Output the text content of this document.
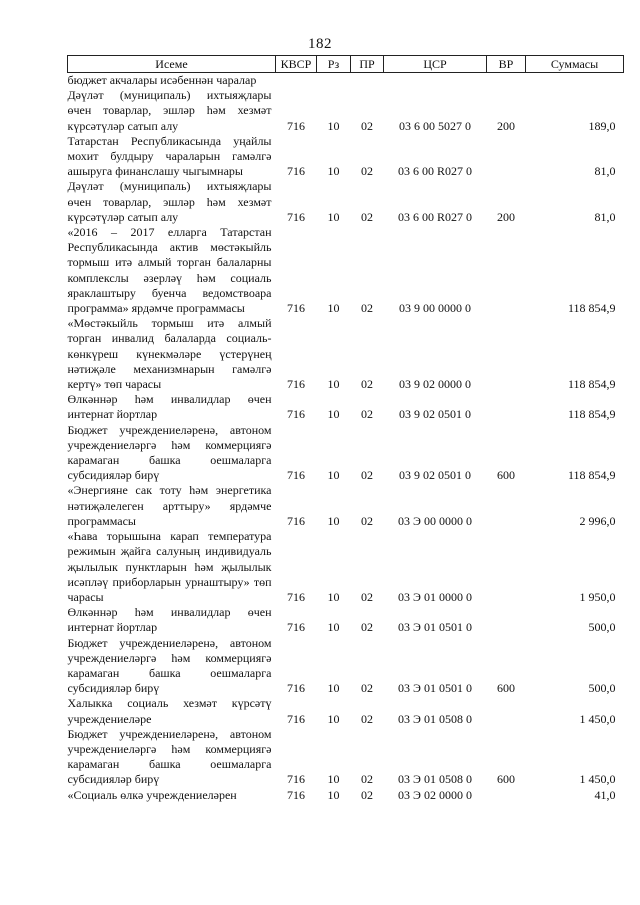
182
Исеме	КВСР	Рз	ПР	ЦСР	ВР	Суммасы
бюджет акчалары исәбеннән чаралар						
Дәүләт (муниципаль) ихтыяҗлары өчен товарлар, эшләр һәм хезмәт күрсәтүләр сатып алу	716	10	02	03 6 00 5027 0	200	189,0
Татарстан Республикасында уңайлы мохит булдыру чараларын гамәлгә ашыруга финанслашу чыгымнары	716	10	02	03 6 00 R027 0		81,0
Дәүләт (муниципаль) ихтыяҗлары өчен товарлар, эшләр һәм хезмәт күрсәтүләр сатып алу	716	10	02	03 6 00 R027 0	200	81,0
«2016 – 2017 елларга Татарстан Республикасында актив мөстәкыйль тормыш итә алмый торган балаларны комплекслы әзерләү һәм социаль яраклаштыру буенча ведомствоара программа» ярдәмче программасы	716	10	02	03 9 00 0000 0		118 854,9
«Мөстәкыйль тормыш итә алмый торган инвалид балаларда социаль-көнкүреш күнекмәләре үстерүнең нәтиҗәле механизмнарын гамәлгә кертү» төп чарасы	716	10	02	03 9 02 0000 0		118 854,9
Өлкәннәр һәм инвалидлар өчен интернат йортлар	716	10	02	03 9 02 0501 0		118 854,9
Бюджет учреждениеләренә, автоном учреждениеләргә һәм коммерциягә карамаган башка оешмаларга субсидияләр бирү	716	10	02	03 9 02 0501 0	600	118 854,9
«Энергияне сак тоту һәм энергетика нәтиҗәлелеген арттыру» ярдәмче программасы	716	10	02	03 Э 00 0000 0		2 996,0
«Һава торышына карап температура режимын җайга салуның индивидуаль җылылык пунктларын һәм җылылык исәпләү приборларын урнаштыру» төп чарасы	716	10	02	03 Э 01 0000 0		1 950,0
Өлкәннәр һәм инвалидлар өчен интернат йортлар	716	10	02	03 Э 01 0501 0		500,0
Бюджет учреждениеләренә, автоном учреждениеләргә һәм коммерциягә карамаган башка оешмаларга субсидияләр бирү	716	10	02	03 Э 01 0501 0	600	500,0
Халыкка социаль хезмәт күрсәтү учреждениеләре	716	10	02	03 Э 01 0508 0		1 450,0
Бюджет учреждениеләренә, автоном учреждениеләргә һәм коммерциягә карамаган башка оешмаларга субсидияләр бирү	716	10	02	03 Э 01 0508 0	600	1 450,0
«Социаль өлкә учреждениеләрен	716	10	02	03 Э 02 0000 0		41,0
